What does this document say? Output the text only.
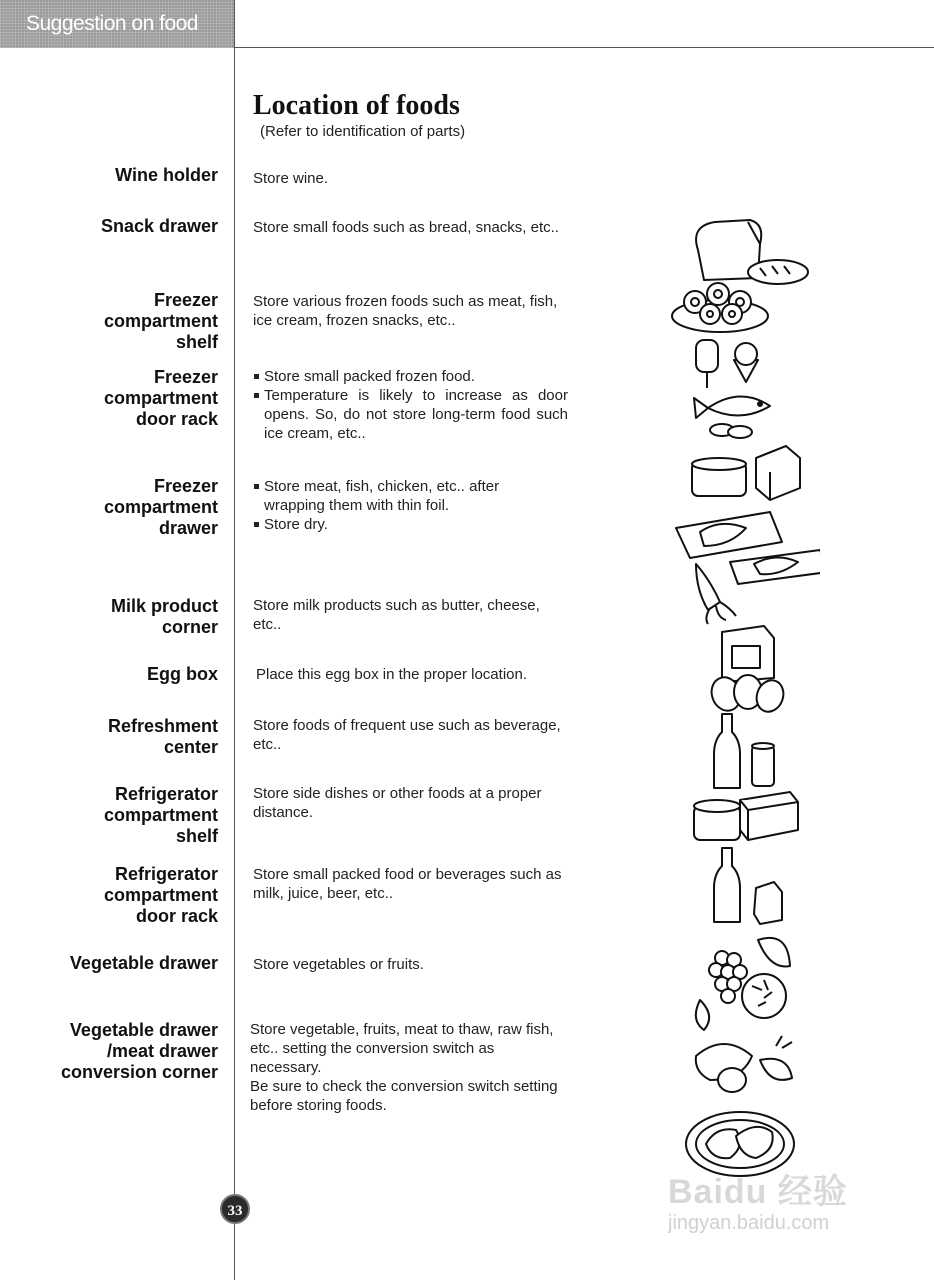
Suggestion on food storage
Location of foods
(Refer to identification of parts)
Wine holder Store wine.

Snack drawer Store small foods such as bread, snacks, etc..

Freezer compartment shelf

Store various frozen foods such as meat, fish, ice cream, frozen snacks, etc..

Freezer compartment door rack

Store small packed frozen food.

Temperature is likely to increase as door opens. So, do not store long-term food such ice cream, etc..

Freezer compartment drawer

Store meat, fish, chicken, etc.. after wrapping them with thin foil.

Store dry.

Milk product corner

Store milk products such as butter, cheese, etc..

Egg box	Place this egg box in the proper location.

Refreshment center

Store foods of frequent use such as beverage, etc..

Refrigerator compartment shelf

Store side dishes or other foods at a proper distance.

Refrigerator compartment door rack

Store small packed food or beverages such as milk, juice, beer, etc..

Vegetable drawer Store vegetables or fruits.

Vegetable drawer /meat drawer conversion corner

Store vegetable, fruits, meat to thaw, raw fish, etc.. setting the conversion switch as necessary.

Be sure to check the conversion switch setting before storing foods.

33	Baidu 经验
jingyan.baidu.com
